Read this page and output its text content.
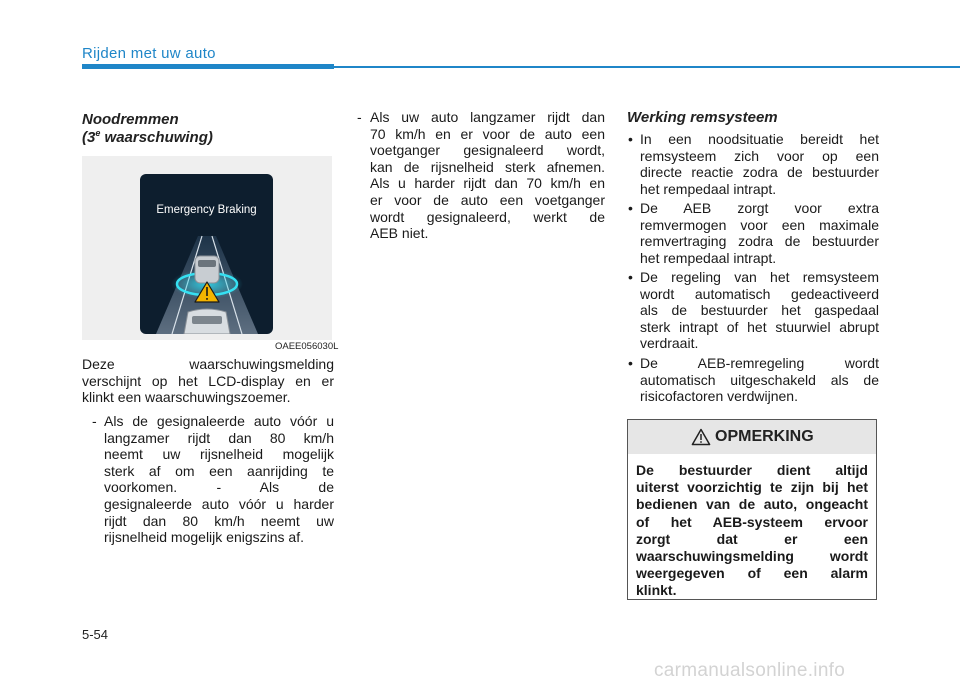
Rijden met uw auto
Noodremmen
(3e waarschuwing)
Emergency Braking
OAEE056030L
Deze waarschuwingsmelding
verschijnt op het LCD-display en er
klinkt een waarschuwingszoemer.
- Als de gesignaleerde auto vóór u
langzamer rijdt dan 80 km/h
neemt uw rijsnelheid mogelijk
sterk af om een aanrijding te
voorkomen. - Als de
gesignaleerde auto vóór u harder
rijdt dan 80 km/h neemt uw
rijsnelheid mogelijk enigszins af.
- Als uw auto langzamer rijdt dan
70 km/h en er voor de auto een
voetganger gesignaleerd wordt,
kan de rijsnelheid sterk afnemen.
Als u harder rijdt dan 70 km/h en
er voor de auto een voetganger
wordt gesignaleerd, werkt de
AEB niet.
Werking remsysteem
• In een noodsituatie bereidt het
remsysteem zich voor op een
directe reactie zodra de bestuurder
het rempedaal intrapt.
• De AEB zorgt voor extra
remvermogen voor een maximale
remvertraging zodra de bestuurder
het rempedaal intrapt.
• De regeling van het remsysteem
wordt automatisch gedeactiveerd
als de bestuurder het gaspedaal
sterk intrapt of het stuurwiel abrupt
verdraait.
• De AEB-remregeling wordt
automatisch uitgeschakeld als de
risicofactoren verdwijnen.
OPMERKING
De bestuurder dient altijd
uiterst voorzichtig te zijn bij het
bedienen van de auto, ongeacht
of het AEB-systeem ervoor
zorgt dat er een
waarschuwingsmelding wordt
weergegeven of een alarm
klinkt.
5-54
carmanualsonline.info
